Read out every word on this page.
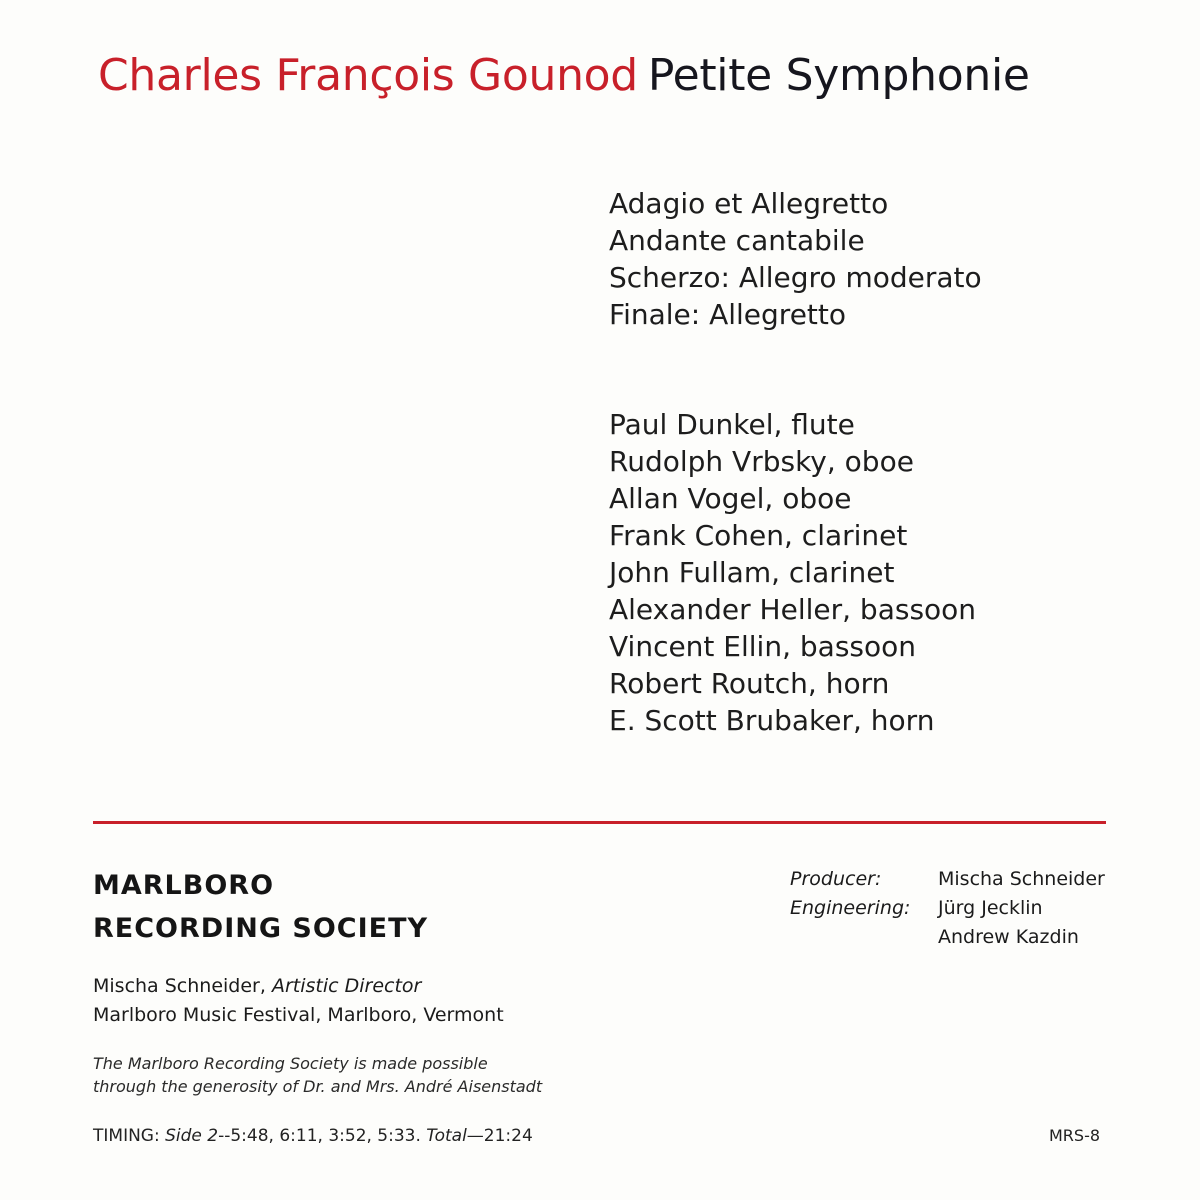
Charles François Gounod Petite Symphonie
Adagio et Allegretto
Andante cantabile
Scherzo: Allegro moderato
Finale: Allegretto
Paul Dunkel, flute
Rudolph Vrbsky, oboe
Allan Vogel, oboe
Frank Cohen, clarinet
John Fullam, clarinet
Alexander Heller, bassoon
Vincent Ellin, bassoon
Robert Routch, horn
E. Scott Brubaker, horn
MARLBORO
RECORDING SOCIETY
Mischa Schneider, Artistic Director
Marlboro Music Festival, Marlboro, Vermont
The Marlboro Recording Society is made possible
through the generosity of Dr. and Mrs. André Aisenstadt
Producer:	Mischa Schneider
Engineering: Jürg Jecklin
Andrew Kazdin
TIMING: Side 2--5:48, 6:11, 3:52, 5:33. Total—21:24	MRS-8
